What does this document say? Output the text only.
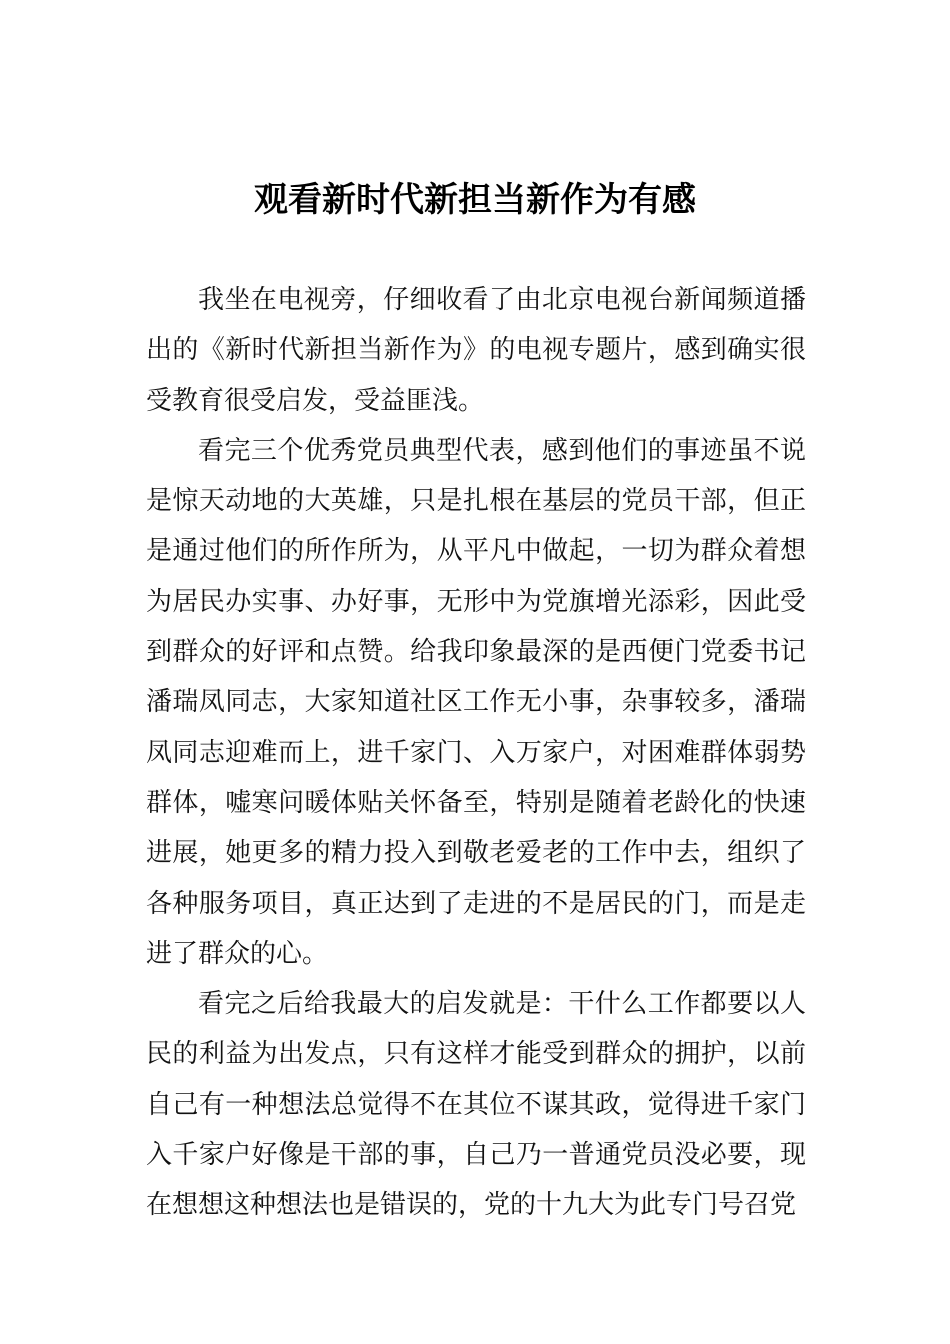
观看新时代新担当新作为有感

我坐在电视旁，仔细收看了由北京电视台新闻频道播出的《新时代新担当新作为》的电视专题片，感到确实很受教育很受启发，受益匪浅。

看完三个优秀党员典型代表，感到他们的事迹虽不说是惊天动地的大英雄，只是扎根在基层的党员干部，但正是通过他们的所作所为，从平凡中做起，一切为群众着想为居民办实事、办好事，无形中为党旗增光添彩，因此受到群众的好评和点赞。给我印象最深的是西便门党委书记潘瑞凤同志，大家知道社区工作无小事，杂事较多，潘瑞凤同志迎难而上，进千家门、入万家户，对困难群体弱势群体，嘘寒问暖体贴关怀备至，特别是随着老龄化的快速进展，她更多的精力投入到敬老爱老的工作中去，组织了各种服务项目，真正达到了走进的不是居民的门，而是走进了群众的心。

看完之后给我最大的启发就是：干什么工作都要以人民的利益为出发点，只有这样才能受到群众的拥护，以前自己有一种想法总觉得不在其位不谋其政，觉得进千家门入千家户好像是干部的事，自己乃一普通党员没必要，现在想想这种想法也是错误的，党的十九大为此专门号召党
